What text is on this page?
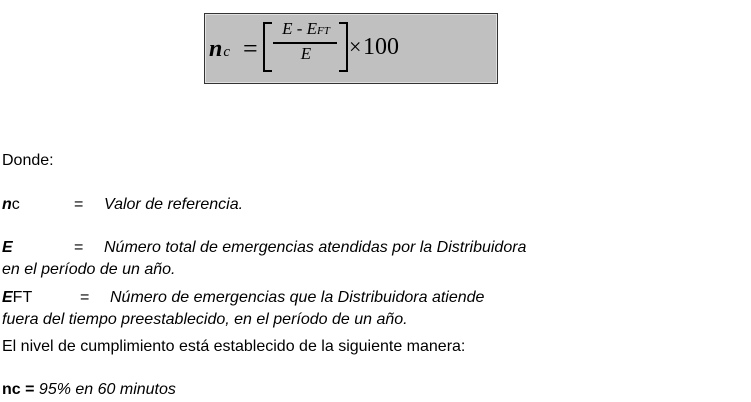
nc =
E - EFT
E	× 100
Donde:
nc	= Valor de referencia.
E	= Número total de emergencias atendidas por la Distribuidora
en el período de un año.
EFT	= Número de emergencias que la Distribuidora atiende
fuera del tiempo preestablecido, en el período de un año.
El nivel de cumplimiento está establecido de la siguiente manera:
nc = 95% en 60 minutos
